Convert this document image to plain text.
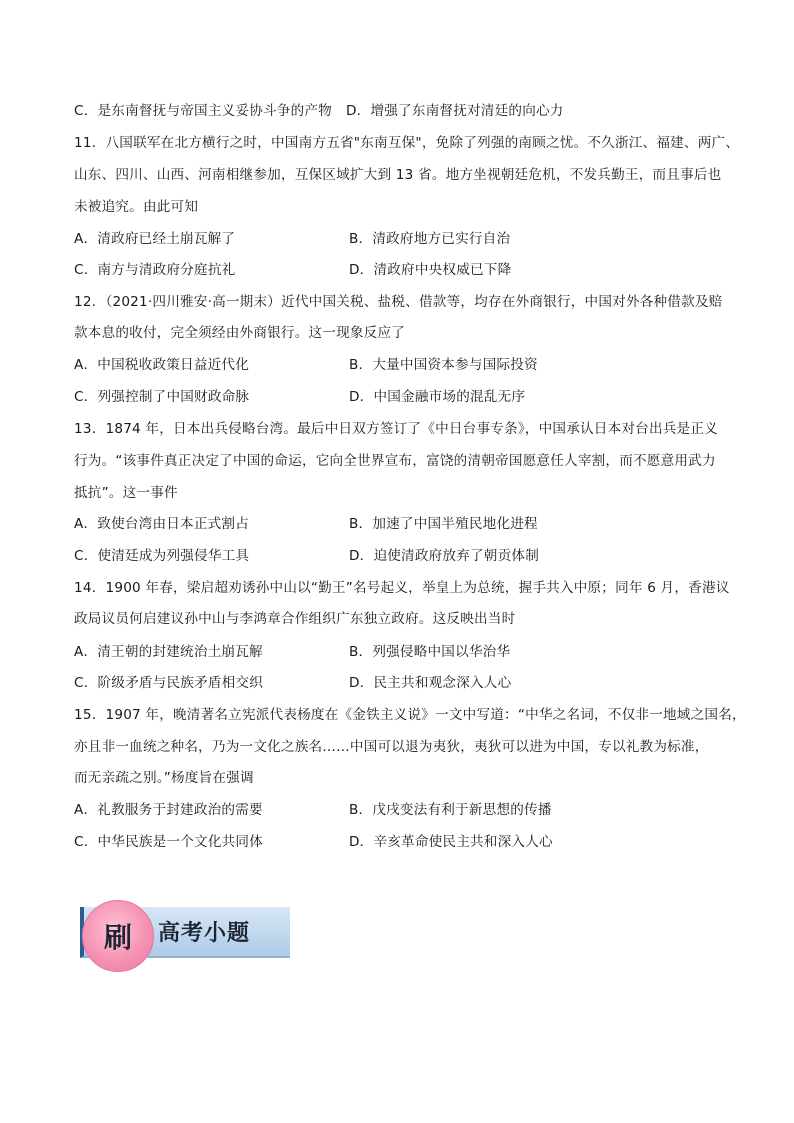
C．是东南督抚与帝国主义妥协斗争的产物 D．增强了东南督抚对清廷的向心力
11．八国联军在北方横行之时，中国南方五省"东南互保"，免除了列强的南顾之忧。不久浙江、福建、两广、
山东、四川、山西、河南相继参加，互保区域扩大到 13 省。地方坐视朝廷危机，不发兵勤王，而且事后也
未被追究。由此可知
A．清政府已经土崩瓦解了	B．清政府地方已实行自治
C．南方与清政府分庭抗礼	D．清政府中央权威已下降
12．（2021·四川雅安·高一期末）近代中国关税、盐税、借款等，均存在外商银行，中国对外各种借款及赔
款本息的收付，完全须经由外商银行。这一现象反应了
A．中国税收政策日益近代化	B．大量中国资本参与国际投资
C．列强控制了中国财政命脉	D．中国金融市场的混乱无序
13．1874 年，日本出兵侵略台湾。最后中日双方签订了《中日台事专条》，中国承认日本对台出兵是正义
行为。“该事件真正决定了中国的命运，它向全世界宣布，富饶的清朝帝国愿意任人宰割，而不愿意用武力
抵抗”。这一事件
A．致使台湾由日本正式割占	B．加速了中国半殖民地化进程
C．使清廷成为列强侵华工具	D．迫使清政府放弃了朝贡体制
14．1900 年春，梁启超劝诱孙中山以“勤王”名号起义，举皇上为总统，握手共入中原；同年 6 月，香港议
政局议员何启建议孙中山与李鸿章合作组织广东独立政府。这反映出当时
A．清王朝的封建统治土崩瓦解	B．列强侵略中国以华治华
C．阶级矛盾与民族矛盾相交织	D．民主共和观念深入人心
15．1907 年，晚清著名立宪派代表杨度在《金铁主义说》一文中写道：“中华之名词，不仅非一地域之国名，
亦且非一血统之种名，乃为一文化之族名……中国可以退为夷狄，夷狄可以进为中国，专以礼教为标准，
而无亲疏之别。”杨度旨在强调
A．礼教服务于封建政治的需要	B．戊戌变法有利于新思想的传播
C．中华民族是一个文化共同体	D．辛亥革命使民主共和深入人心
刷 高考小题
